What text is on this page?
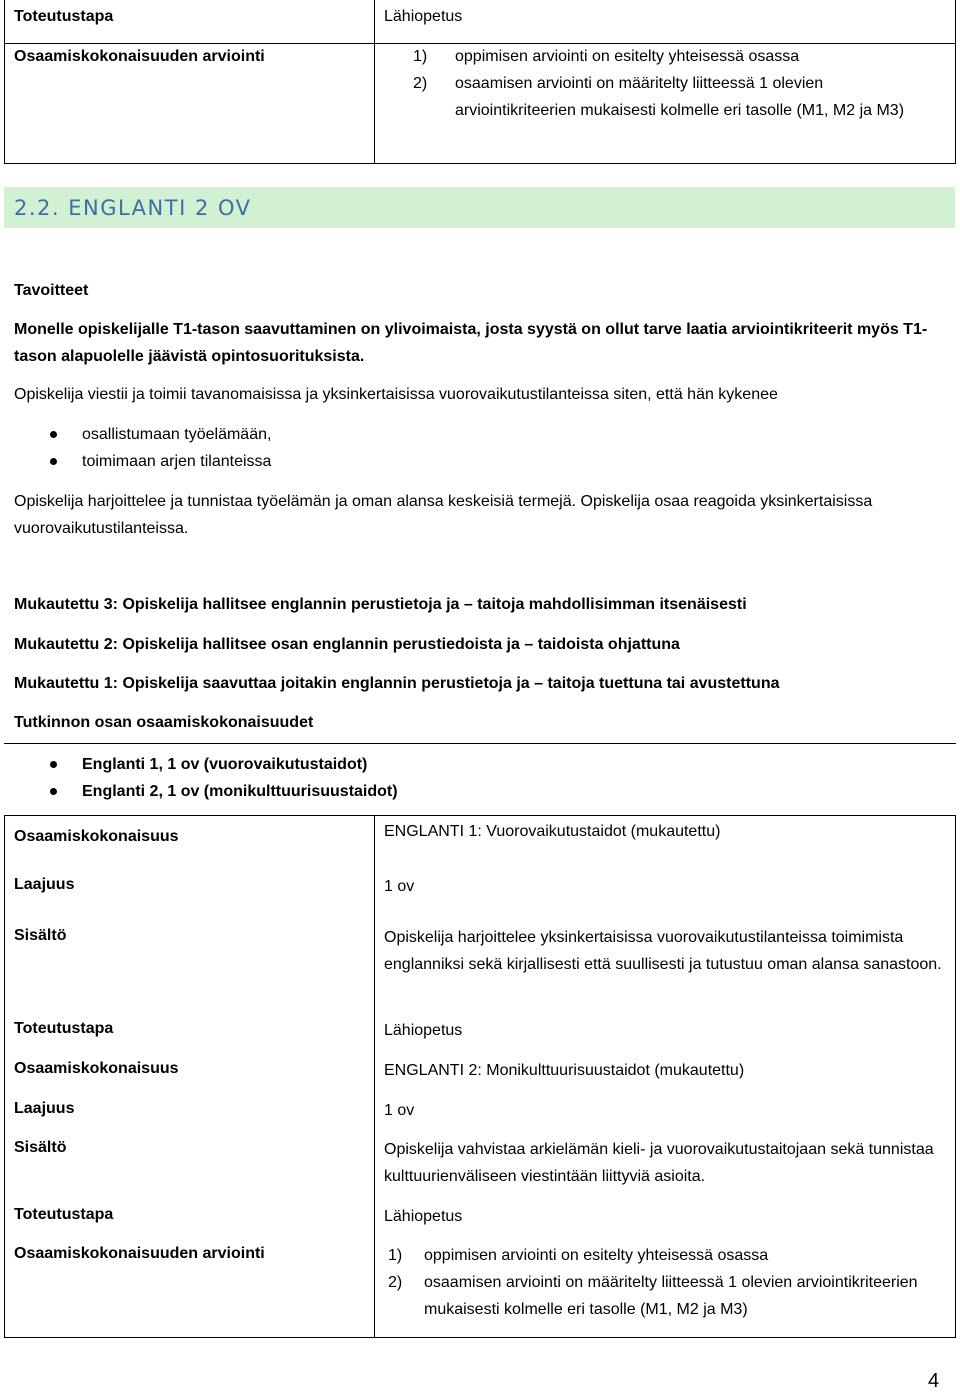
Toteutustapa	Lähiopetus
Osaamiskokonaisuuden arviointi	1) oppimisen arviointi on esitelty yhteisessä osassa
2) osaamisen arviointi on määritelty liitteessä 1 olevien arviointikriteerien mukaisesti kolmelle eri tasolle (M1, M2 ja M3)
2.2. ENGLANTI 2 OV
Tavoitteet
Monelle opiskelijalle T1-tason saavuttaminen on ylivoimaista, josta syystä on ollut tarve laatia arviointikriteerit myös T1-tason alapuolelle jäävistä opintosuorituksista.
Opiskelija viestii ja toimii tavanomaisissa ja yksinkertaisissa vuorovaikutustilanteissa siten, että hän kykenee
osallistumaan työelämään,
toimimaan arjen tilanteissa
Opiskelija harjoittelee ja tunnistaa työelämän ja oman alansa keskeisiä termejä. Opiskelija osaa reagoida yksinkertaisissa vuorovaikutustilanteissa.
Mukautettu 3: Opiskelija hallitsee englannin perustietoja ja – taitoja mahdollisimman itsenäisesti
Mukautettu 2: Opiskelija hallitsee osan englannin perustiedoista ja – taidoista ohjattuna
Mukautettu 1: Opiskelija saavuttaa joitakin englannin perustietoja ja – taitoja tuettuna tai avustettuna
Tutkinnon osan osaamiskokonaisuudet
Englanti 1, 1 ov (vuorovaikutustaidot)
Englanti 2, 1 ov (monikulttuurisuustaidot)
Osaamiskokonaisuus	ENGLANTI 1: Vuorovaikutustaidot (mukautettu)
Laajuus	1 ov
Sisältö	Opiskelija harjoittelee yksinkertaisissa vuorovaikutustilanteissa toimimista englanniksi sekä kirjallisesti että suullisesti ja tutustuu oman alansa sanastoon.
Toteutustapa	Lähiopetus
Osaamiskokonaisuus	ENGLANTI 2: Monikulttuurisuustaidot (mukautettu)
Laajuus	1 ov
Sisältö	Opiskelija vahvistaa arkielämän kieli- ja vuorovaikutustaitojaan sekä tunnistaa kulttuurienväliseen viestintään liittyviä asioita.
Toteutustapa	Lähiopetus
Osaamiskokonaisuuden arviointi	1) oppimisen arviointi on esitelty yhteisessä osassa
2) osaamisen arviointi on määritelty liitteessä 1 olevien arviointikriteerien mukaisesti kolmelle eri tasolle (M1, M2 ja M3)
4
